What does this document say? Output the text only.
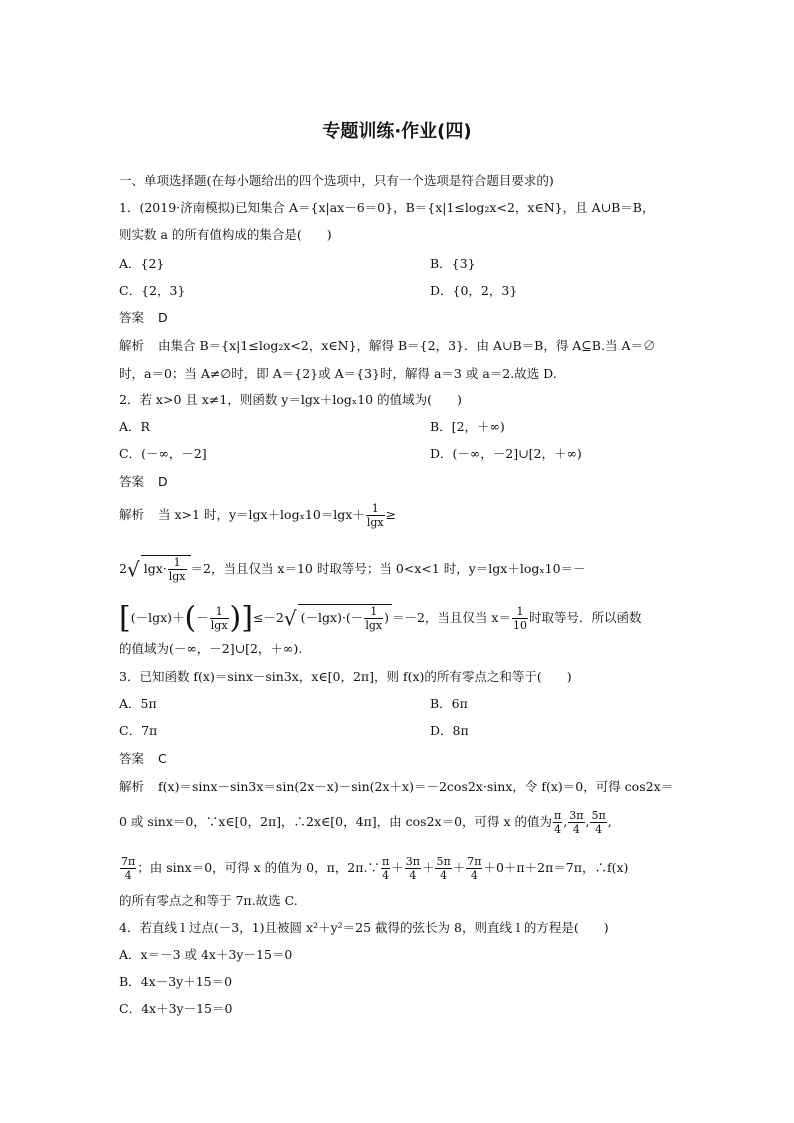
专题训练·作业(四)
一、单项选择题(在每小题给出的四个选项中，只有一个选项是符合题目要求的)
1．(2019·济南模拟)已知集合 A＝{x|ax－6＝0}，B＝{x|1≤log₂x<2，x∈N}，且 A∪B＝B，
则实数 a 的所有值构成的集合是(　　)
A．{2}	B．{3}
C．{2，3}	D．{0，2，3}
答案 D
解析 由集合 B＝{x|1≤log₂x<2，x∈N}，解得 B＝{2，3}．由 A∪B＝B，得 A⊆B.当 A＝∅
时，a＝0；当 A≠∅时，即 A＝{2}或 A＝{3}时，解得 a＝3 或 a＝2.故选 D.
2．若 x>0 且 x≠1，则函数 y＝lgx＋logₓ10 的值域为(　　)
A．R	B．[2，＋∞)
C．(－∞，－2]	D．(－∞，－2]∪[2，＋∞)
答案 D
解析 当 x>1 时，$y=\lg x+\log_x10=\lg x+ \frac{1}{\lg x}$ ≥
2√ $\lg x\cdot \frac{1}{\lg x} =2$，当且仅当 x＝10 时取等号；当 0<x<1 时，y＝lgx＋logₓ10＝－
$[(-\lg x)+(- \frac{1}{\lg x} )]\le-2√$ $(-\lg x)\cdot(- \frac{1}{\lg x}$ ) ＝－2，当且仅当 $x= \frac{1}{10}$ 时取等号．所以函数
的值域为(－∞，－2]∪[2，＋∞).
3．已知函数 f(x)＝sinx－sin3x，x∈[0，2π]，则 f(x)的所有零点之和等于(　　)
A．5π	B．6π
C．7π	D．8π
答案 C
解析 f(x)＝sinx－sin3x＝sin(2x－x)－sin(2x＋x)＝－2cos2x·sinx，令 f(x)＝0，可得 cos2x＝
0 或 sinx＝0，∵x∈[0，2π]，∴2x∈[0，4π]，由 cos2x＝0，可得 x 的值为 $\frac{\pi}{4}$ , $\frac{3\pi}{4}$ , $\frac{5\pi}{4}$ ,
$\frac{7\pi}{4}$ ；由 sinx＝0，可得 x 的值为 0，π，2π.∵ $\frac{\pi}{4} + \frac{3\pi}{4} + \frac{5\pi}{4} + \frac{7\pi}{4} +0+\pi+2\pi=7\pi$，∴f(x)
的所有零点之和等于 7π.故选 C.
4．若直线 l 过点(－3，1)且被圆 x²＋y²＝25 截得的弦长为 8，则直线 l 的方程是(　　)
A．x＝－3 或 4x＋3y－15＝0
B．4x－3y＋15＝0
C．4x＋3y－15＝0
